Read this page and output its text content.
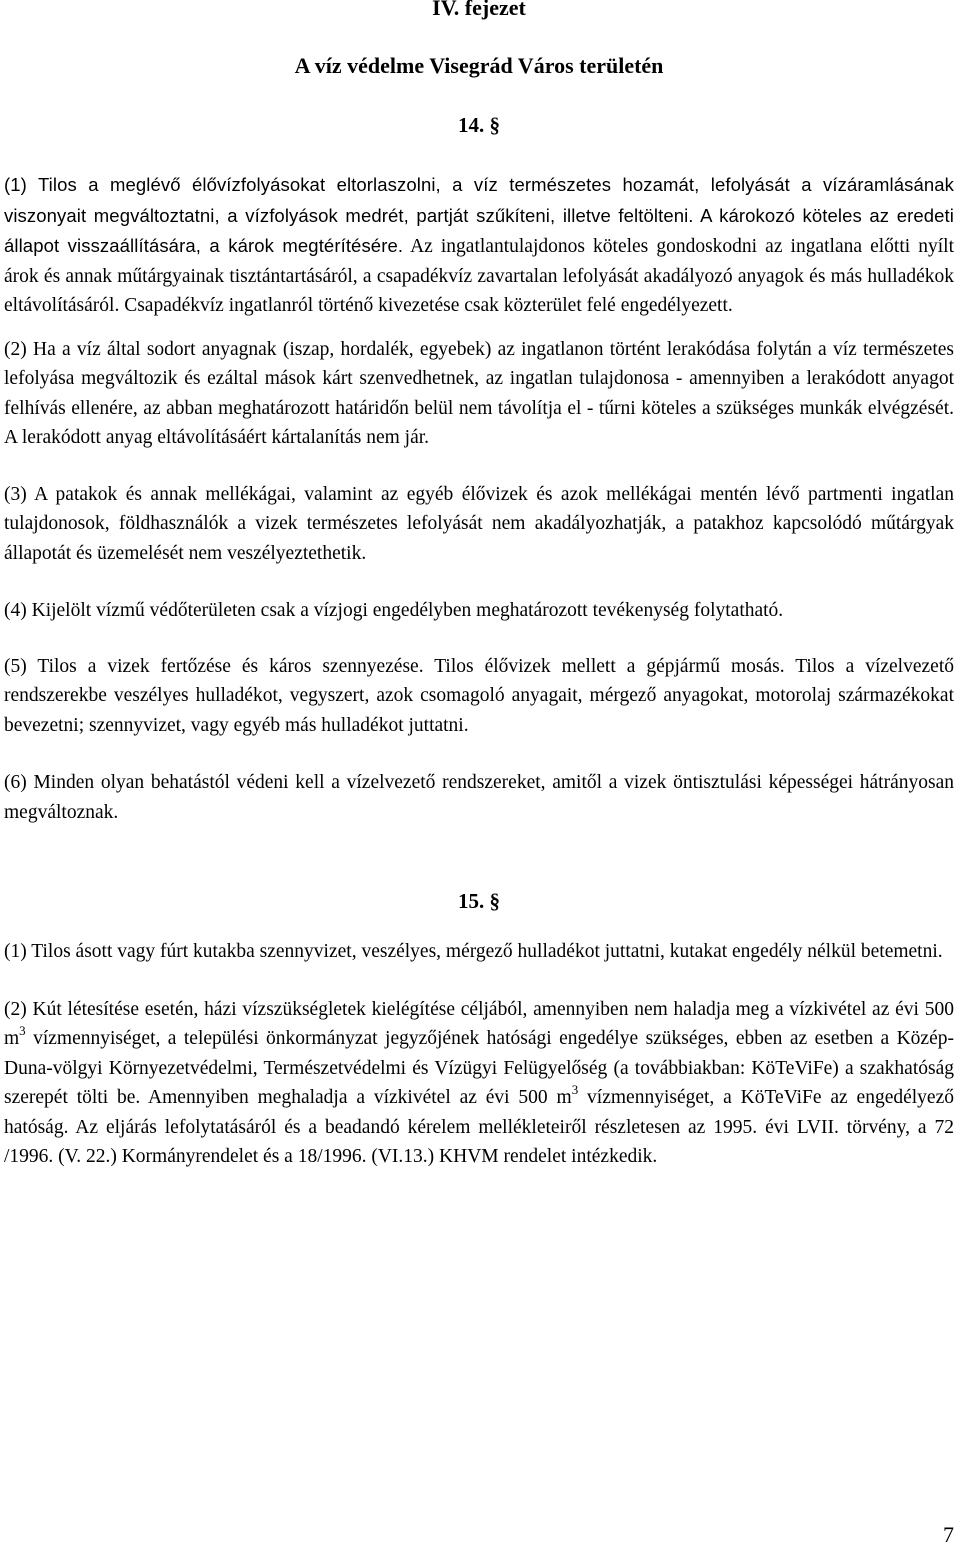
IV. fejezet
A víz védelme Visegrád Város területén
14. §

(1) Tilos a meglévő élővízfolyásokat eltorlaszolni, a víz természetes hozamát, lefolyását a vízáramlásának viszonyait megváltoztatni, a vízfolyások medrét, partját szűkíteni, illetve feltölteni. A károkozó köteles az eredeti állapot visszaállítására, a károk megtérítésére. Az ingatlantulajdonos köteles gondoskodni az ingatlana előtti nyílt árok és annak műtárgyainak tisztántartásáról, a csapadékvíz zavartalan lefolyását akadályozó anyagok és más hulladékok eltávolításáról. Csapadékvíz ingatlanról történő kivezetése csak közterület felé engedélyezett.

(2) Ha a víz által sodort anyagnak (iszap, hordalék, egyebek) az ingatlanon történt lerakódása folytán a víz természetes lefolyása megváltozik és ezáltal mások kárt szenvedhetnek, az ingatlan tulajdonosa - amennyiben a lerakódott anyagot felhívás ellenére, az abban meghatározott határidőn belül nem távolítja el - tűrni köteles a szükséges munkák elvégzését. A lerakódott anyag eltávolításáért kártalanítás nem jár.

(3) A patakok és annak mellékágai, valamint az egyéb élővizek és azok mellékágai mentén lévő partmenti ingatlan tulajdonosok, földhasználók a vizek természetes lefolyását nem akadályozhatják, a patakhoz kapcsolódó műtárgyak állapotát és üzemelését nem veszélyeztethetik.

(4) Kijelölt vízmű védőterületen csak a vízjogi engedélyben meghatározott tevékenység folytatható.

(5) Tilos a vizek fertőzése és káros szennyezése. Tilos élővizek mellett a gépjármű mosás. Tilos a vízelvezető rendszerekbe veszélyes hulladékot, vegyszert, azok csomagoló anyagait, mérgező anyagokat, motorolaj származékokat bevezetni; szennyvizet, vagy egyéb más hulladékot juttatni.

(6) Minden olyan behatástól védeni kell a vízelvezető rendszereket, amitől a vizek öntisztulási képességei hátrányosan megváltoznak.

15. §

(1) Tilos ásott vagy fúrt kutakba szennyvizet, veszélyes, mérgező hulladékot juttatni, kutakat engedély nélkül betemetni.

(2) Kút létesítése esetén, házi vízszükségletek kielégítése céljából, amennyiben nem haladja meg a vízkivétel az évi 500 $m^3$ vízmennyiséget, a települési önkormányzat jegyzőjének hatósági engedélye szükséges, ebben az esetben a Közép-Duna-völgyi Környezetvédelmi, Természetvédelmi és Vízügyi Felügyelőség (a továbbiakban: KöTeViFe) a szakhatóság szerepét tölti be. Amennyiben meghaladja a vízkivétel az évi 500 $m^3$ vízmennyiséget, a KöTeViFe az engedélyező hatóság. Az eljárás lefolytatásáról és a beadandó kérelem mellékleteiről részletesen az 1995. évi LVII. törvény, a 72 /1996. (V. 22.) Kormányrendelet és a 18/1996. (VI.13.) KHVM rendelet intézkedik.

7
